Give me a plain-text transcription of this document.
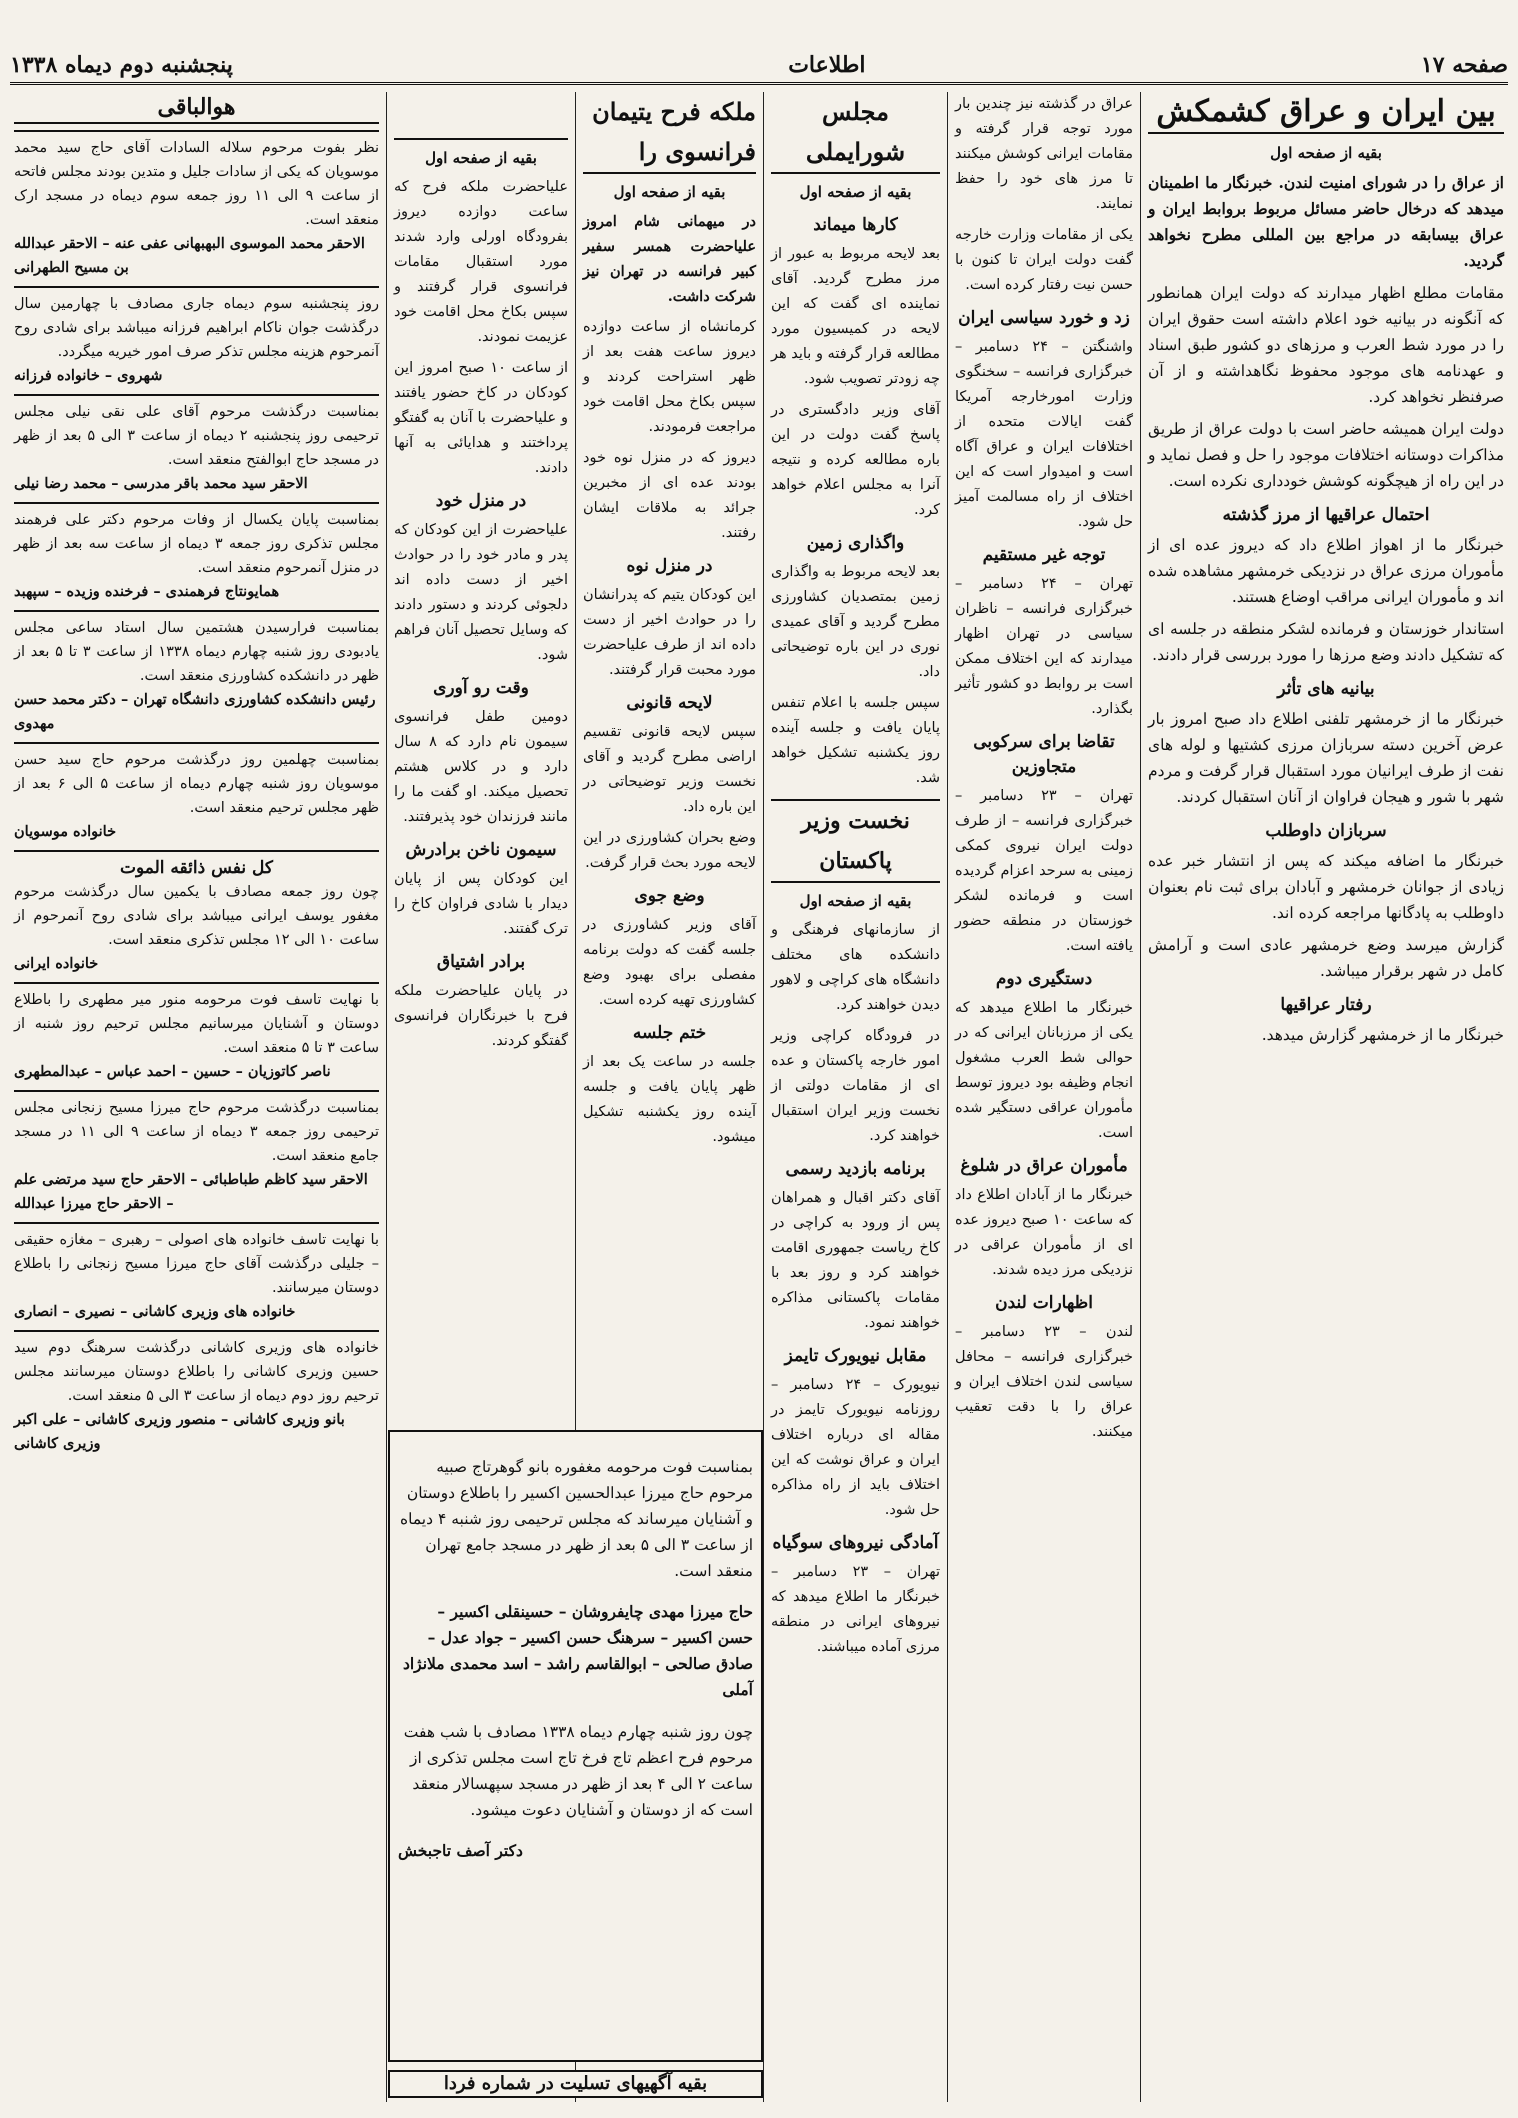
صفحه ۱۷
اطلاعات
پنجشنبه دوم دیماه ۱۳۳۸
بین ایران و عراق کشمکش
بقیه از صفحه اول

از عراق را در شورای امنیت لندن. خبرنگار ما اطمینان میدهد که درخال حاضر مسائل مربوط بروابط ایران و عراق بیسابقه در مراجع بین المللی مطرح نخواهد گردید.

مقامات مطلع اظهار میدارند که دولت ایران همانطور که آنگونه در بیانیه خود اعلام داشته است حقوق ایران را در مورد شط العرب و مرزهای دو کشور طبق اسناد و عهدنامه های موجود محفوظ نگاهداشته و از آن صرفنظر نخواهد کرد.

دولت ایران همیشه حاضر است با دولت عراق از طریق مذاکرات دوستانه اختلافات موجود را حل و فصل نماید و در این راه از هیچگونه کوشش خودداری نکرده است.

احتمال عراقیها از مرز گذشته

خبرنگار ما از اهواز اطلاع داد که دیروز عده ای از مأموران مرزی عراق در نزدیکی خرمشهر مشاهده شده اند و مأموران ایرانی مراقب اوضاع هستند.

استاندار خوزستان و فرمانده لشکر منطقه در جلسه ای که تشکیل دادند وضع مرزها را مورد بررسی قرار دادند.

بیانیه های تأثر

خبرنگار ما از خرمشهر تلفنی اطلاع داد صبح امروز بار عرض آخرین دسته سربازان مرزی کشتیها و لوله های نفت از طرف ایرانیان مورد استقبال قرار گرفت و مردم شهر با شور و هیجان فراوان از آنان استقبال کردند.

سربازان داوطلب

خبرنگار ما اضافه میکند که پس از انتشار خبر عده زیادی از جوانان خرمشهر و آبادان برای ثبت نام بعنوان داوطلب به پادگانها مراجعه کرده اند.

گزارش میرسد وضع خرمشهر عادی است و آرامش کامل در شهر برقرار میباشد.

رفتار عراقیها

خبرنگار ما از خرمشهر گزارش میدهد.

عراق در گذشته نیز چندین بار مورد توجه قرار گرفته و مقامات ایرانی کوشش میکنند تا مرز های خود را حفظ نمایند.

یکی از مقامات وزارت خارجه گفت دولت ایران تا کنون با حسن نیت رفتار کرده است.

زد و خورد سیاسی ایران

واشنگتن – ۲۴ دسامبر – خبرگزاری فرانسه – سخنگوی وزارت امورخارجه آمریکا گفت ایالات متحده از اختلافات ایران و عراق آگاه است و امیدوار است که این اختلاف از راه مسالمت آمیز حل شود.

توجه غیر مستقیم

تهران – ۲۴ دسامبر – خبرگزاری فرانسه – ناظران سیاسی در تهران اظهار میدارند که این اختلاف ممکن است بر روابط دو کشور تأثیر بگذارد.

تقاضا برای سرکوبی متجاوزین

تهران – ۲۳ دسامبر – خبرگزاری فرانسه – از طرف دولت ایران نیروی کمکی زمینی به سرحد اعزام گردیده است و فرمانده لشکر خوزستان در منطقه حضور یافته است.

دستگیری دوم

خبرنگار ما اطلاع میدهد که یکی از مرزبانان ایرانی که در حوالی شط العرب مشغول انجام وظیفه بود دیروز توسط مأموران عراقی دستگیر شده است.

مأموران عراق در شلوغ

خبرنگار ما از آبادان اطلاع داد که ساعت ۱۰ صبح دیروز عده ای از مأموران عراقی در نزدیکی مرز دیده شدند.

اظهارات لندن

لندن – ۲۳ دسامبر – خبرگزاری فرانسه – محافل سیاسی لندن اختلاف ایران و عراق را با دقت تعقیب میکنند.

مجلس شورایملی
بقیه از صفحه اول
کارها میماند

بعد لایحه مربوط به عبور از مرز مطرح گردید. آقای نماینده ای گفت که این لایحه در کمیسیون مورد مطالعه قرار گرفته و باید هر چه زودتر تصویب شود.

آقای وزیر دادگستری در پاسخ گفت دولت در این باره مطالعه کرده و نتیجه آنرا به مجلس اعلام خواهد کرد.

واگذاری زمین

بعد لایحه مربوط به واگذاری زمین بمتصدیان کشاورزی مطرح گردید و آقای عمیدی نوری در این باره توضیحاتی داد.

سپس جلسه با اعلام تنفس پایان یافت و جلسه آینده روز یکشنبه تشکیل خواهد شد.

نخست وزیر پاکستان
بقیه از صفحه اول

از سازمانهای فرهنگی و دانشکده های مختلف دانشگاه های کراچی و لاهور دیدن خواهند کرد.

در فرودگاه کراچی وزیر امور خارجه پاکستان و عده ای از مقامات دولتی از نخست وزیر ایران استقبال خواهند کرد.

برنامه بازدید رسمی

آقای دکتر اقبال و همراهان پس از ورود به کراچی در کاخ ریاست جمهوری اقامت خواهند کرد و روز بعد با مقامات پاکستانی مذاکره خواهند نمود.

مقابل نیویورک تایمز

نیویورک – ۲۴ دسامبر – روزنامه نیویورک تایمز در مقاله ای درباره اختلاف ایران و عراق نوشت که این اختلاف باید از راه مذاکره حل شود.

آمادگی نیروهای سوگیاه

تهران – ۲۳ دسامبر – خبرنگار ما اطلاع میدهد که نیروهای ایرانی در منطقه مرزی آماده میباشند.

ملکه فرح یتیمان فرانسوی را
بقیه از صفحه اول

در میهمانی شام امروز علیاحضرت همسر سفیر کبیر فرانسه در تهران نیز شرکت داشت.

کرمانشاه از ساعت دوازده دیروز ساعت هفت بعد از ظهر استراحت کردند و سپس بکاخ محل اقامت خود مراجعت فرمودند.

دیروز که در منزل نوه خود بودند عده ای از مخبرین جرائد به ملاقات ایشان رفتند.

در منزل نوه

این کودکان یتیم که پدرانشان را در حوادث اخیر از دست داده اند از طرف علیاحضرت مورد محبت قرار گرفتند.

لایحه قانونی

سپس لایحه قانونی تقسیم اراضی مطرح گردید و آقای نخست وزیر توضیحاتی در این باره داد.

وضع بحران کشاورزی در این لایحه مورد بحث قرار گرفت.

وضع جوی

آقای وزیر کشاورزی در جلسه گفت که دولت برنامه مفصلی برای بهبود وضع کشاورزی تهیه کرده است.

ختم جلسه

جلسه در ساعت یک بعد از ظهر پایان یافت و جلسه آینده روز یکشنبه تشکیل میشود.

بقیه از صفحه اول

علیاحضرت ملکه فرح که ساعت دوازده دیروز بفرودگاه اورلی وارد شدند مورد استقبال مقامات فرانسوی قرار گرفتند و سپس بکاخ محل اقامت خود عزیمت نمودند.

از ساعت ۱۰ صبح امروز این کودکان در کاخ حضور یافتند و علیاحضرت با آنان به گفتگو پرداختند و هدایائی به آنها دادند.

در منزل خود

علیاحضرت از این کودکان که پدر و مادر خود را در حوادث اخیر از دست داده اند دلجوئی کردند و دستور دادند که وسایل تحصیل آنان فراهم شود.

وقت رو آوری

دومین طفل فرانسوی سیمون نام دارد که ۸ سال دارد و در کلاس هشتم تحصیل میکند. او گفت ما را مانند فرزندان خود پذیرفتند.

سیمون ناخن برادرش

این کودکان پس از پایان دیدار با شادی فراوان کاخ را ترک گفتند.

برادر اشتیاق

در پایان علیاحضرت ملکه فرح با خبرنگاران فرانسوی گفتگو کردند.

بمناسبت فوت مرحومه مغفوره بانو گوهرتاج صبیه مرحوم حاج میرزا عبدالحسین اکسیر را باطلاع دوستان و آشنایان میرساند که مجلس ترحیمی روز شنبه ۴ دیماه از ساعت ۳ الی ۵ بعد از ظهر در مسجد جامع تهران منعقد است.

حاج میرزا مهدی چایفروشان – حسینقلی اکسیر – حسن اکسیر – سرهنگ حسن اکسیر – جواد عدل – صادق صالحی – ابوالقاسم راشد – اسد محمدی ملانژاد آملی

چون روز شنبه چهارم دیماه ۱۳۳۸ مصادف با شب هفت مرحوم فرح اعظم تاج فرخ تاج است مجلس تذکری از ساعت ۲ الی ۴ بعد از ظهر در مسجد سپهسالار منعقد است که از دوستان و آشنایان دعوت میشود.

دکتر آصف تاجبخش

بقیه آگهیهای تسلیت در شماره فردا
هوالباقی
نظر بفوت مرحوم سلاله السادات آقای حاج سید محمد موسویان که یکی از سادات جلیل و متدین بودند مجلس فاتحه از ساعت ۹ الی ۱۱ روز جمعه سوم دیماه در مسجد ارک منعقد است.
الاحقر محمد الموسوی البهبهانی عفی عنه – الاحقر عبدالله بن مسیح الطهرانی
روز پنجشنبه سوم دیماه جاری مصادف با چهارمین سال درگذشت جوان ناکام ابراهیم فرزانه میباشد برای شادی روح آنمرحوم هزینه مجلس تذکر صرف امور خیریه میگردد.
شهروی – خانواده فرزانه
بمناسبت درگذشت مرحوم آقای علی نقی نیلی مجلس ترحیمی روز پنجشنبه ۲ دیماه از ساعت ۳ الی ۵ بعد از ظهر در مسجد حاج ابوالفتح منعقد است.
الاحقر سید محمد باقر مدرسی – محمد رضا نیلی
بمناسبت پایان یکسال از وفات مرحوم دکتر علی فرهمند مجلس تذکری روز جمعه ۳ دیماه از ساعت سه بعد از ظهر در منزل آنمرحوم منعقد است.
همایونتاج فرهمندی – فرخنده وزیده – سپهبد
بمناسبت فرارسیدن هشتمین سال استاد ساعی مجلس یادبودی روز شنبه چهارم دیماه ۱۳۳۸ از ساعت ۳ تا ۵ بعد از ظهر در دانشکده کشاورزی منعقد است.
رئیس دانشکده کشاورزی دانشگاه تهران – دکتر محمد حسن مهدوی
بمناسبت چهلمین روز درگذشت مرحوم حاج سید حسن موسویان روز شنبه چهارم دیماه از ساعت ۵ الی ۶ بعد از ظهر مجلس ترحیم منعقد است.
خانواده موسویان
کل نفس ذائقه الموت
چون روز جمعه مصادف با یکمین سال درگذشت مرحوم مغفور یوسف ایرانی میباشد برای شادی روح آنمرحوم از ساعت ۱۰ الی ۱۲ مجلس تذکری منعقد است.
خانواده ایرانی
با نهایت تاسف فوت مرحومه منور میر مطهری را باطلاع دوستان و آشنایان میرسانیم مجلس ترحیم روز شنبه از ساعت ۳ تا ۵ منعقد است.
ناصر کاتوزیان – حسین – احمد عباس – عبدالمطهری
بمناسبت درگذشت مرحوم حاج میرزا مسیح زنجانی مجلس ترحیمی روز جمعه ۳ دیماه از ساعت ۹ الی ۱۱ در مسجد جامع منعقد است.
الاحقر سید کاظم طباطبائی – الاحقر حاج سید مرتضی علم – الاحقر حاج میرزا عبدالله
با نهایت تاسف خانواده های اصولی – رهبری – مغازه حقیقی – جلیلی درگذشت آقای حاج میرزا مسیح زنجانی را باطلاع دوستان میرسانند.
خانواده های وزیری کاشانی – نصیری – انصاری
خانواده های وزیری کاشانی درگذشت سرهنگ دوم سید حسین وزیری کاشانی را باطلاع دوستان میرسانند مجلس ترحیم روز دوم دیماه از ساعت ۳ الی ۵ منعقد است.
بانو وزیری کاشانی – منصور وزیری کاشانی – علی اکبر وزیری کاشانی
